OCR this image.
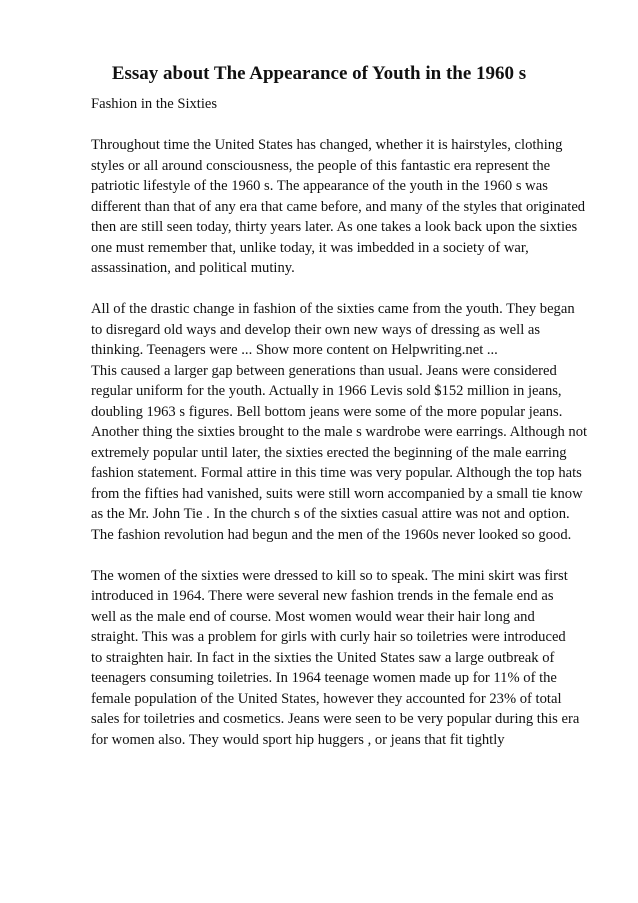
Essay about The Appearance of Youth in the 1960 s
Fashion in the Sixties
Throughout time the United States has changed, whether it is hairstyles, clothing
styles or all around consciousness, the people of this fantastic era represent the
patriotic lifestyle of the 1960 s. The appearance of the youth in the 1960 s was
different than that of any era that came before, and many of the styles that originated
then are still seen today, thirty years later. As one takes a look back upon the sixties
one must remember that, unlike today, it was imbedded in a society of war,
assassination, and political mutiny.
All of the drastic change in fashion of the sixties came from the youth. They began
to disregard old ways and develop their own new ways of dressing as well as
thinking. Teenagers were ... Show more content on Helpwriting.net ...
This caused a larger gap between generations than usual. Jeans were considered
regular uniform for the youth. Actually in 1966 Levis sold $152 million in jeans,
doubling 1963 s figures. Bell bottom jeans were some of the more popular jeans.
Another thing the sixties brought to the male s wardrobe were earrings. Although not
extremely popular until later, the sixties erected the beginning of the male earring
fashion statement. Formal attire in this time was very popular. Although the top hats
from the fifties had vanished, suits were still worn accompanied by a small tie know
as the Mr. John Tie . In the church s of the sixties casual attire was not and option.
The fashion revolution had begun and the men of the 1960s never looked so good.
The women of the sixties were dressed to kill so to speak. The mini skirt was first
introduced in 1964. There were several new fashion trends in the female end as
well as the male end of course. Most women would wear their hair long and
straight. This was a problem for girls with curly hair so toiletries were introduced
to straighten hair. In fact in the sixties the United States saw a large outbreak of
teenagers consuming toiletries. In 1964 teenage women made up for 11% of the
female population of the United States, however they accounted for 23% of total
sales for toiletries and cosmetics. Jeans were seen to be very popular during this era
for women also. They would sport hip huggers , or jeans that fit tightly
